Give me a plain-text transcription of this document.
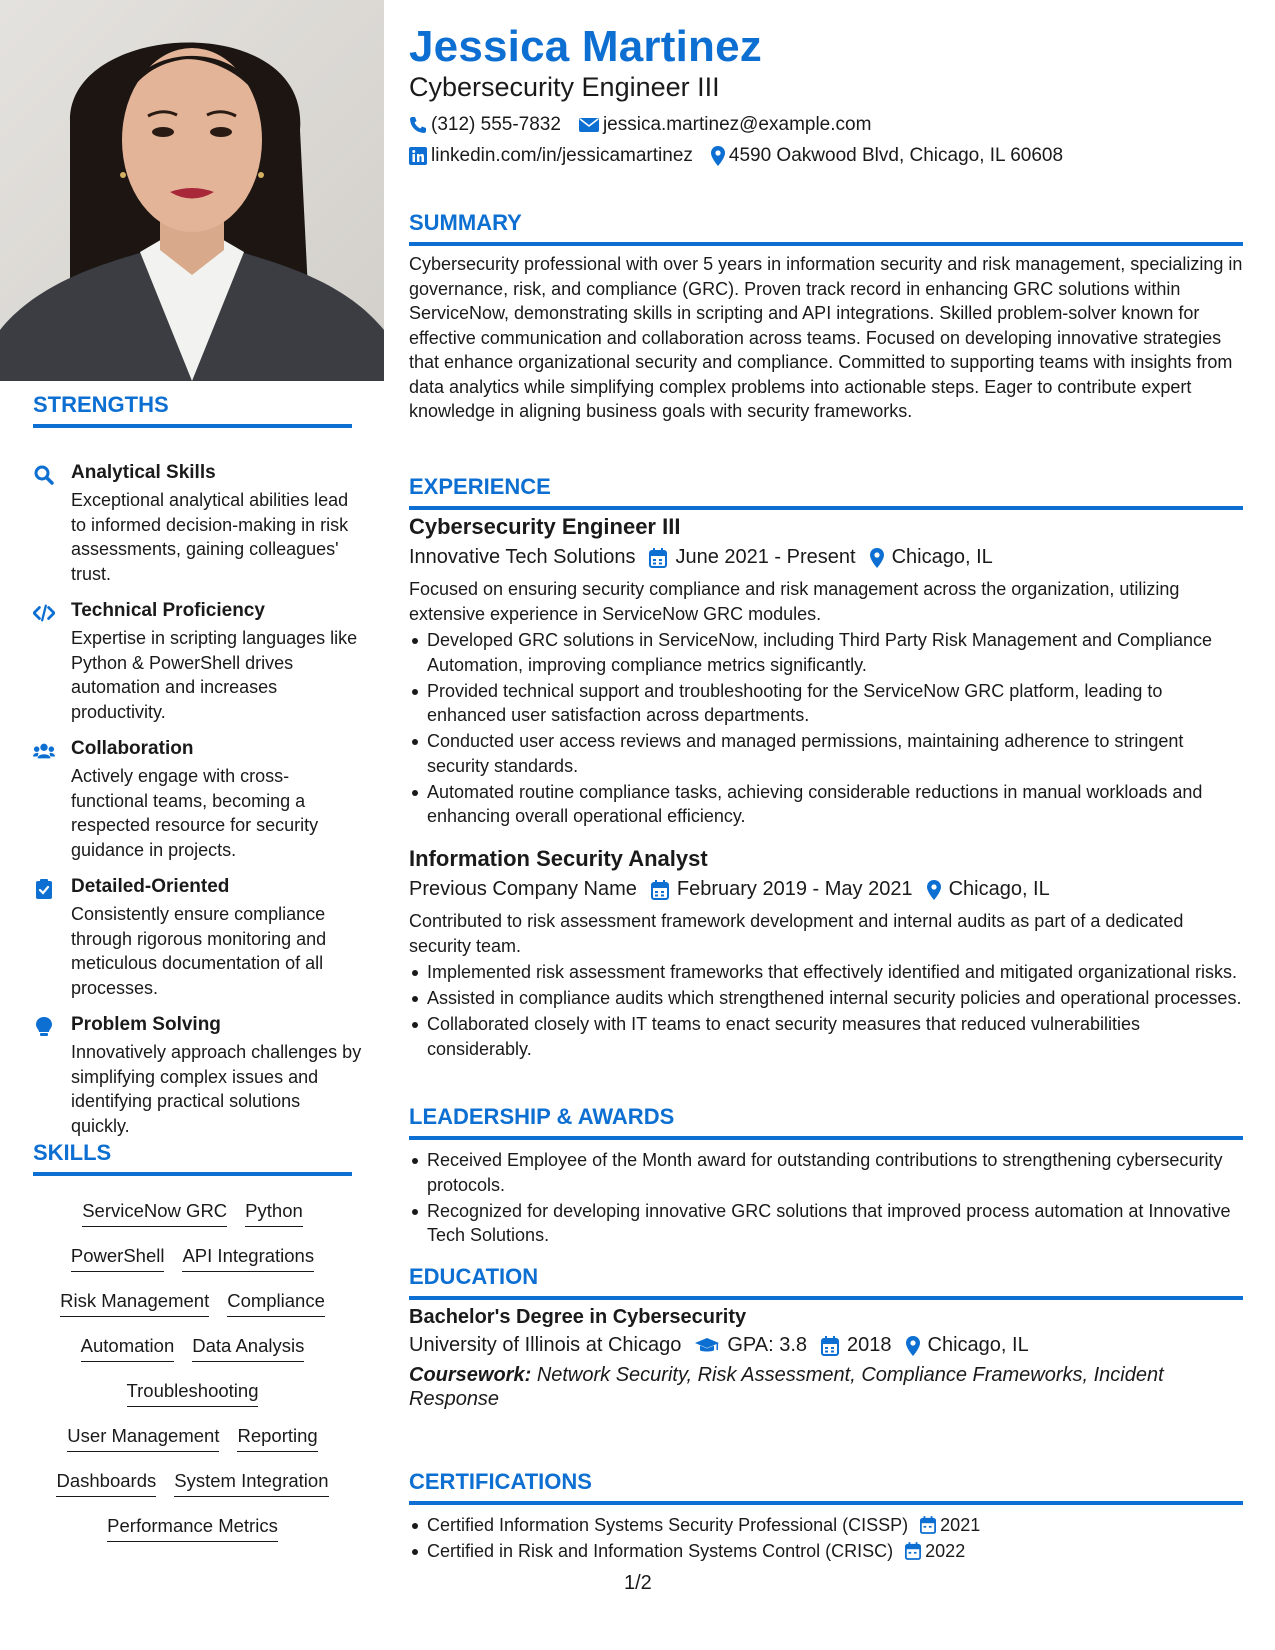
STRENGTHS
Analytical Skills
Exceptional analytical abilities lead to informed decision-making in risk assessments, gaining colleagues' trust.
Technical Proficiency
Expertise in scripting languages like Python & PowerShell drives automation and increases productivity.
Collaboration
Actively engage with cross-functional teams, becoming a respected resource for security guidance in projects.
Detailed-Oriented
Consistently ensure compliance through rigorous monitoring and meticulous documentation of all processes.
Problem Solving
Innovatively approach challenges by simplifying complex issues and identifying practical solutions quickly.
SKILLS
ServiceNow GRC Python
PowerShell API Integrations
Risk Management Compliance
Automation Data Analysis
Troubleshooting
User Management Reporting
Dashboards System Integration
Performance Metrics
Jessica Martinez
Cybersecurity Engineer III
(312) 555-7832 jessica.martinez@example.com
linkedin.com/in/jessicamartinez 4590 Oakwood Blvd, Chicago, IL 60608
SUMMARY

Cybersecurity professional with over 5 years in information security and risk management, specializing in governance, risk, and compliance (GRC). Proven track record in enhancing GRC solutions within ServiceNow, demonstrating skills in scripting and API integrations. Skilled problem-solver known for effective communication and collaboration across teams. Focused on developing innovative strategies that enhance organizational security and compliance. Committed to supporting teams with insights from data analytics while simplifying complex problems into actionable steps. Eager to contribute expert knowledge in aligning business goals with security frameworks.

EXPERIENCE
Cybersecurity Engineer III
Innovative Tech Solutions June 2021 - Present Chicago, IL

Focused on ensuring security compliance and risk management across the organization, utilizing extensive experience in ServiceNow GRC modules.

Developed GRC solutions in ServiceNow, including Third Party Risk Management and Compliance Automation, improving compliance metrics significantly.
Provided technical support and troubleshooting for the ServiceNow GRC platform, leading to enhanced user satisfaction across departments.
Conducted user access reviews and managed permissions, maintaining adherence to stringent security standards.
Automated routine compliance tasks, achieving considerable reductions in manual workloads and enhancing overall operational efficiency.
Information Security Analyst
Previous Company Name February 2019 - May 2021 Chicago, IL

Contributed to risk assessment framework development and internal audits as part of a dedicated security team.

Implemented risk assessment frameworks that effectively identified and mitigated organizational risks.
Assisted in compliance audits which strengthened internal security policies and operational processes.
Collaborated closely with IT teams to enact security measures that reduced vulnerabilities considerably.
LEADERSHIP & AWARDS
Received Employee of the Month award for outstanding contributions to strengthening cybersecurity protocols.
Recognized for developing innovative GRC solutions that improved process automation at Innovative Tech Solutions.
EDUCATION
Bachelor's Degree in Cybersecurity
University of Illinois at Chicago GPA: 3.8 2018 Chicago, IL
Coursework: Network Security, Risk Assessment, Compliance Frameworks, Incident Response
CERTIFICATIONS
Certified Information Systems Security Professional (CISSP) 2021
Certified in Risk and Information Systems Control (CRISC) 2022
1/2
